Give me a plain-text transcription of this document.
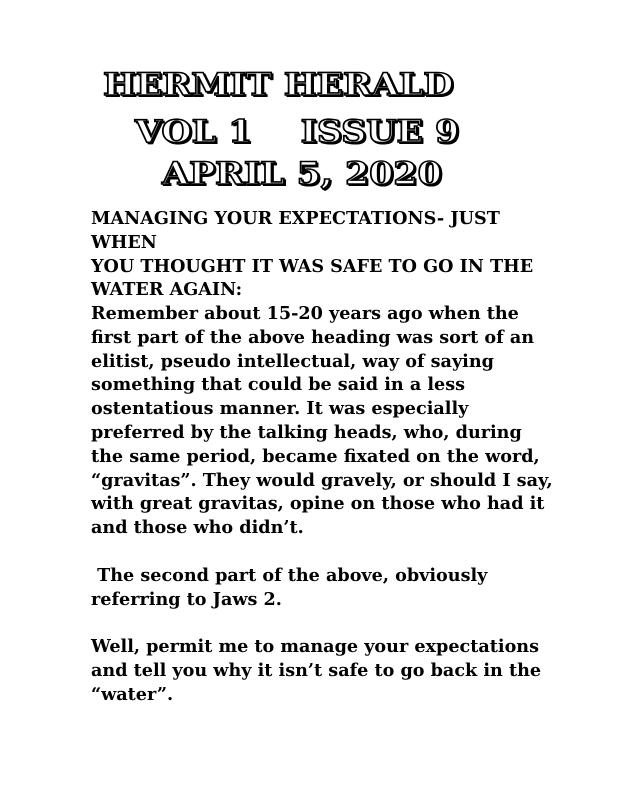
HERMIT HERALD
VOL 1    ISSUE 9
APRIL 5, 2020

MANAGING YOUR EXPECTATIONS- JUST WHEN
YOU THOUGHT IT WAS SAFE TO GO IN THE
WATER AGAIN:

Remember about 15-20 years ago when the
first part of the above heading was sort of an
elitist, pseudo intellectual, way of saying
something that could be said in a less
ostentatious manner. It was especially
preferred by the talking heads, who, during
the same period, became fixated on the word,
“gravitas”. They would gravely, or should I say,
with great gravitas, opine on those who had it
and those who didn’t.

The second part of the above, obviously
referring to Jaws 2.

Well, permit me to manage your expectations
and tell you why it isn’t safe to go back in the
“water”.
